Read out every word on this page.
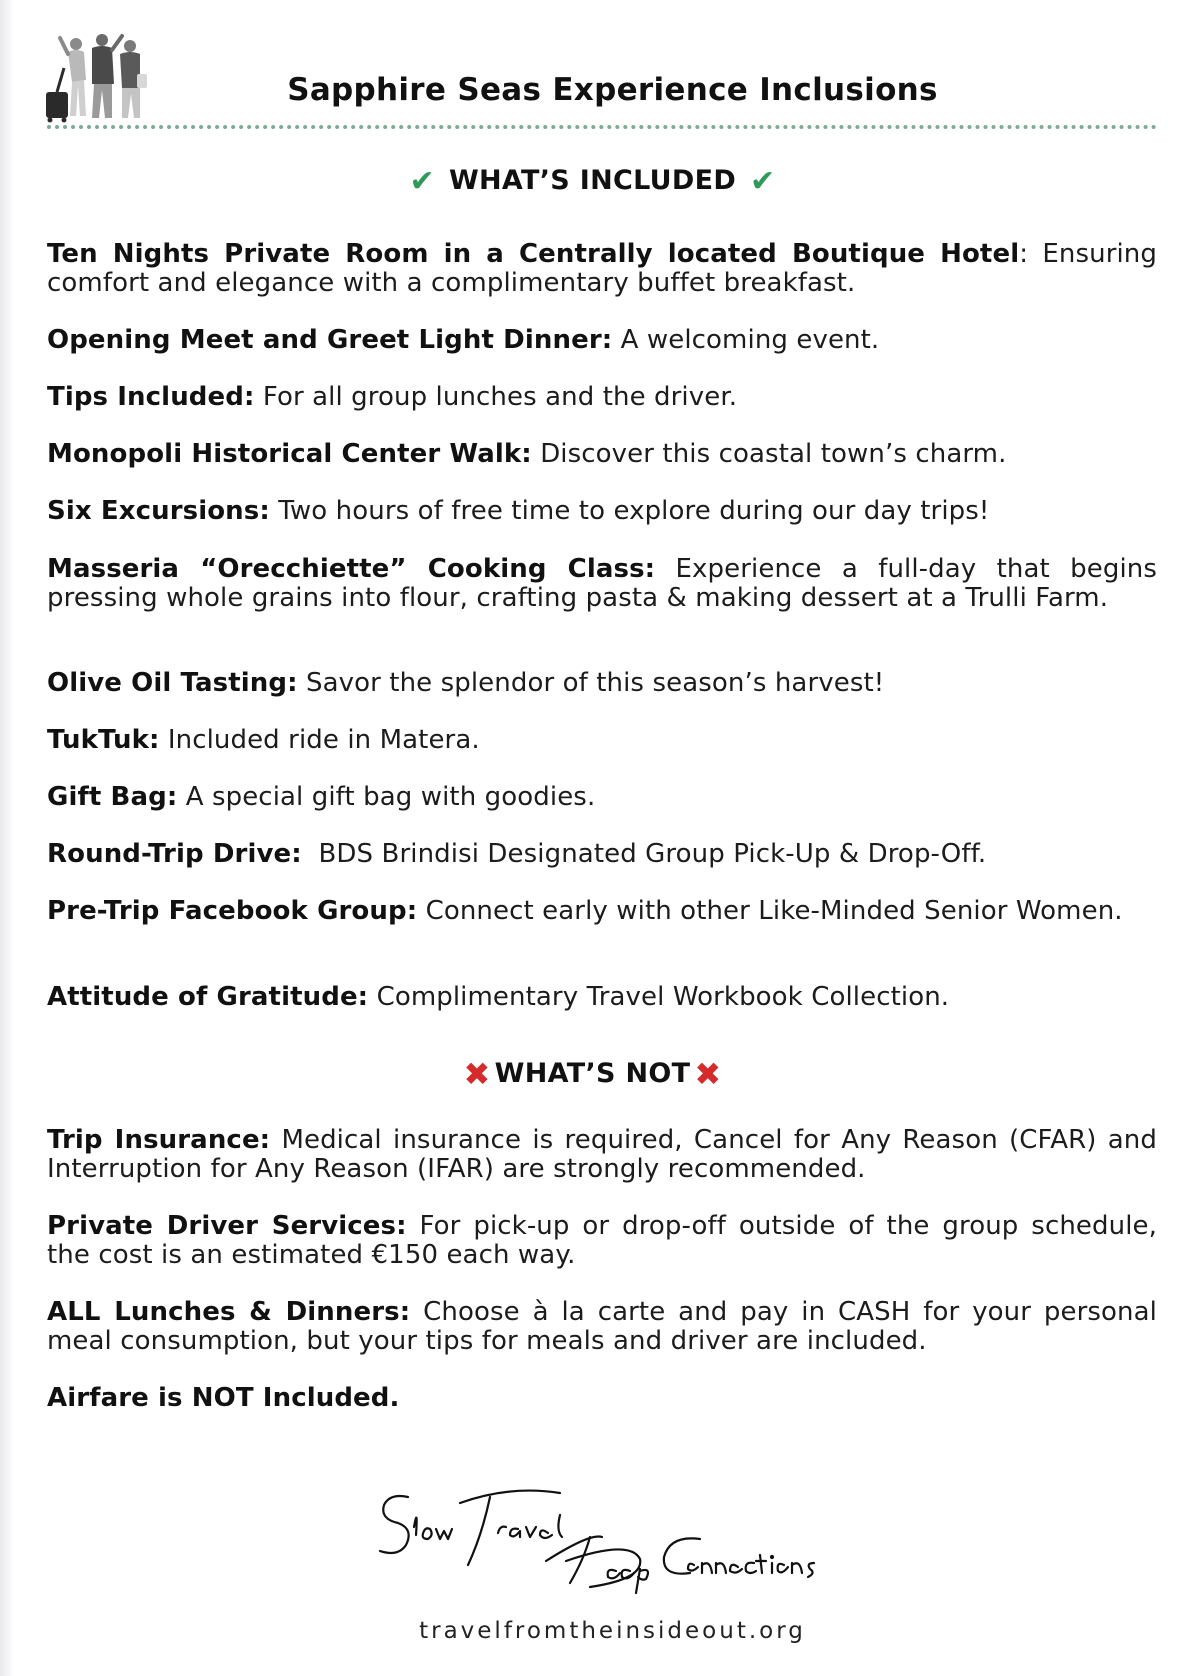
Sapphire Seas Experience Inclusions
✔ WHAT’S INCLUDED ✔
Ten Nights Private Room in a Centrally located Boutique Hotel: Ensuring comfort and elegance with a complimentary buffet breakfast.
Opening Meet and Greet Light Dinner: A welcoming event.
Tips Included: For all group lunches and the driver.
Monopoli Historical Center Walk: Discover this coastal town’s charm.
Six Excursions: Two hours of free time to explore during our day trips!
Masseria “Orecchiette” Cooking Class: Experience a full-day that begins pressing whole grains into flour, crafting pasta & making dessert at a Trulli Farm.
Olive Oil Tasting: Savor the splendor of this season’s harvest!
TukTuk: Included ride in Matera.
Gift Bag: A special gift bag with goodies.
Round-Trip Drive: BDS Brindisi Designated Group Pick-Up & Drop-Off.
Pre-Trip Facebook Group: Connect early with other Like-Minded Senior Women.
Attitude of Gratitude: Complimentary Travel Workbook Collection.
✖ WHAT’S NOT ✖
Trip Insurance: Medical insurance is required, Cancel for Any Reason (CFAR) and Interruption for Any Reason (IFAR) are strongly recommended.
Private Driver Services: For pick-up or drop-off outside of the group schedule, the cost is an estimated €150 each way.
ALL Lunches & Dinners: Choose à la carte and pay in CASH for your personal meal consumption, but your tips for meals and driver are included.
Airfare is NOT Included.
travelfromtheinsideout.org
